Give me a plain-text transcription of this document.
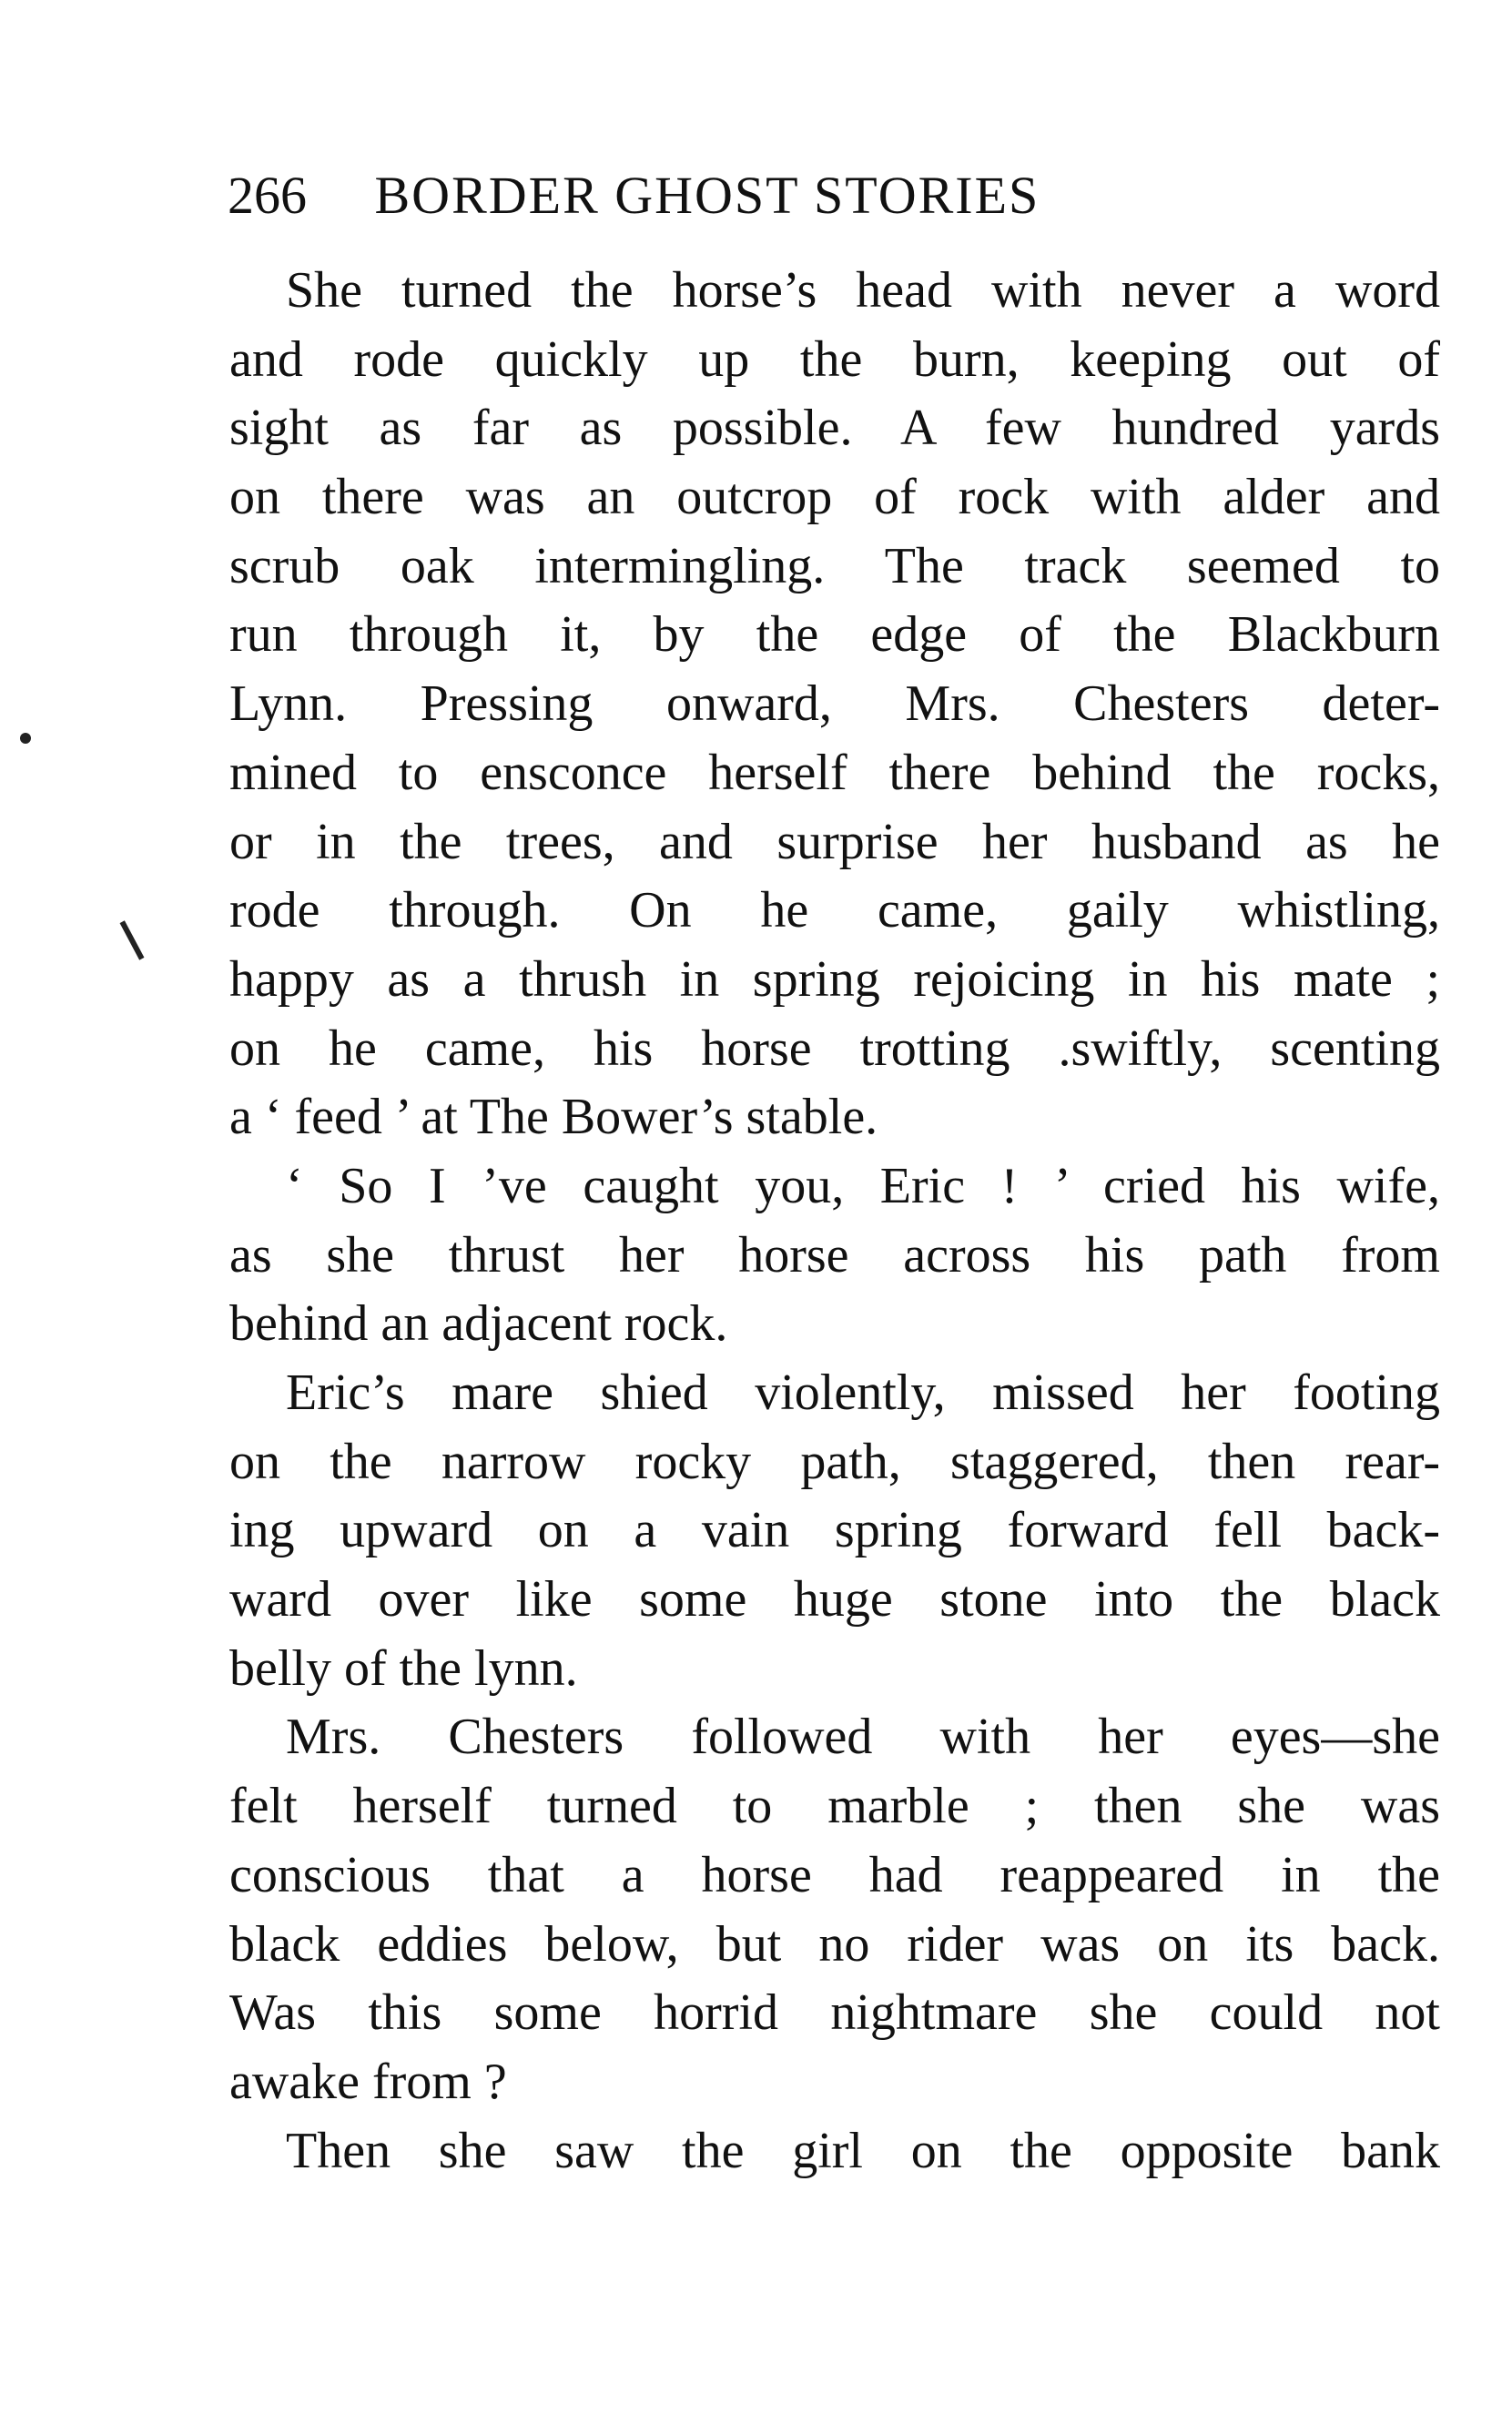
266 BORDER GHOST STORIES
She turned the horse’s head with never a word
and rode quickly up the burn, keeping out of
sight as far as possible. A few hundred yards
on there was an outcrop of rock with alder and
scrub oak intermingling. The track seemed to
run through it, by the edge of the Blackburn
Lynn. Pressing onward, Mrs. Chesters deter-
mined to ensconce herself there behind the rocks,
or in the trees, and surprise her husband as he
rode through. On he came, gaily whistling,
happy as a thrush in spring rejoicing in his mate ;
on he came, his horse trotting .swiftly, scenting
a ‘ feed ’ at The Bower’s stable.
‘ So I ’ve caught you, Eric ! ’ cried his wife,
as she thrust her horse across his path from
behind an adjacent rock.
Eric’s mare shied violently, missed her footing
on the narrow rocky path, staggered, then rear-
ing upward on a vain spring forward fell back-
ward over like some huge stone into the black
belly of the lynn.
Mrs. Chesters followed with her eyes—she
felt herself turned to marble ; then she was
conscious that a horse had reappeared in the
black eddies below, but no rider was on its back.
Was this some horrid nightmare she could not
awake from ?
Then she saw the girl on the opposite bank
